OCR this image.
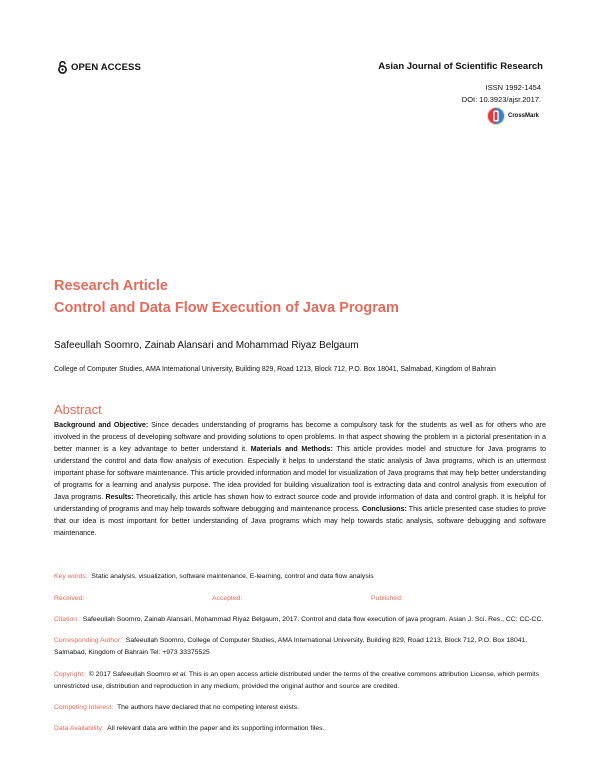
OPEN ACCESS	Asian Journal of Scientific Research
ISSN 1992-1454
DOI: 10.3923/ajsr.2017.
CrossMark
Research Article
Control and Data Flow Execution of Java Program
Safeeullah Soomro, Zainab Alansari and Mohammad Riyaz Belgaum
College of Computer Studies, AMA International University, Building 829, Road 1213, Block 712, P.O. Box 18041, Salmabad, Kingdom of Bahrain
Abstract
Background and Objective: Since decades understanding of programs has become a compulsory task for the students as well as for others who are involved in the process of developing software and providing solutions to open problems. In that aspect showing the problem in a pictorial presentation in a better manner is a key advantage to better understand it. Materials and Methods: This article provides model and structure for Java programs to understand the control and data flow analysis of execution. Especially it helps to understand the static analysis of Java programs, which is an uttermost important phase for software maintenance. This article provided information and model for visualization of Java programs that may help better understanding of programs for a learning and analysis purpose. The idea provided for building visualization tool is extracting data and control analysis from execution of Java programs. Results: Theoretically, this article has shown how to extract source code and provide information of data and control graph. It is helpful for understanding of programs and may help towards software debugging and maintenance process. Conclusions: This article presented case studies to prove that our idea is most important for better understanding of Java programs which may help towards static analysis, software debugging and software maintenance.
Key words: Static analysis, visualization, software maintenance, E-learning, control and data flow analysis
Received:	Accepted:	Published:
Citation: Safeeullah Soomro, Zainab Alansari, Mohammad Riyaz Belgaum, 2017. Control and data flow execution of java program. Asian J. Sci. Res., CC: CC-CC.
Corresponding Author: Safeeullah Soomro, College of Computer Studies, AMA International University, Building 829, Road 1213, Block 712, P.O. Box 18041, Salmabad, Kingdom of Bahrain Tel: +973 33375525
Copyright: © 2017 Safeeullah Soomro et al. This is an open access article distributed under the terms of the creative commons attribution License, which permits unrestricted use, distribution and reproduction in any medium, provided the original author and source are credited.
Competing Interest: The authors have declared that no competing interest exists.
Data Availability: All relevant data are within the paper and its supporting information files.
